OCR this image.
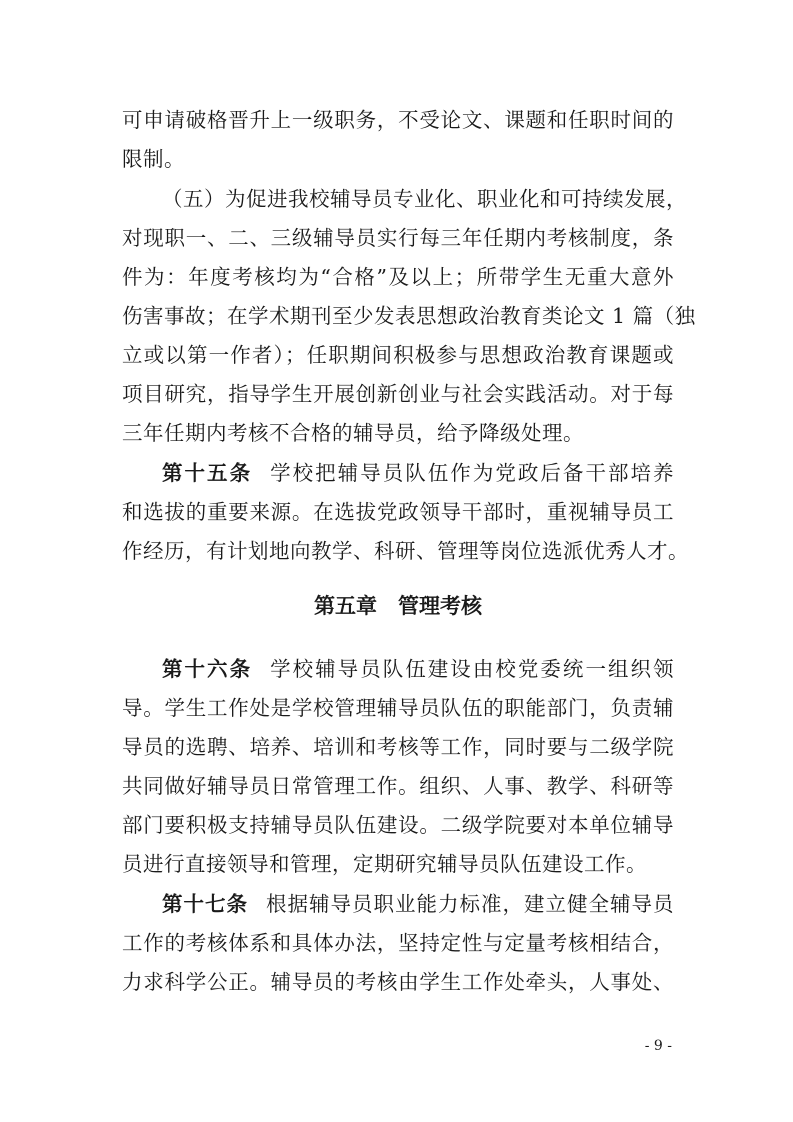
可申请破格晋升上一级职务，不受论文、课题和任职时间的
限制。
（五）为促进我校辅导员专业化、职业化和可持续发展，
对现职一、二、三级辅导员实行每三年任期内考核制度，条
件为：年度考核均为“合格”及以上；所带学生无重大意外
伤害事故；在学术期刊至少发表思想政治教育类论文 1 篇（独
立或以第一作者）；任职期间积极参与思想政治教育课题或
项目研究，指导学生开展创新创业与社会实践活动。对于每
三年任期内考核不合格的辅导员，给予降级处理。
第十五条 学校把辅导员队伍作为党政后备干部培养
和选拔的重要来源。在选拔党政领导干部时，重视辅导员工
作经历，有计划地向教学、科研、管理等岗位选派优秀人才。
第五章　管理考核
第十六条 学校辅导员队伍建设由校党委统一组织领
导。学生工作处是学校管理辅导员队伍的职能部门，负责辅
导员的选聘、培养、培训和考核等工作，同时要与二级学院
共同做好辅导员日常管理工作。组织、人事、教学、科研等
部门要积极支持辅导员队伍建设。二级学院要对本单位辅导
员进行直接领导和管理，定期研究辅导员队伍建设工作。
第十七条 根据辅导员职业能力标准，建立健全辅导员
工作的考核体系和具体办法，坚持定性与定量考核相结合，
力求科学公正。辅导员的考核由学生工作处牵头，人事处、
- 9 -
